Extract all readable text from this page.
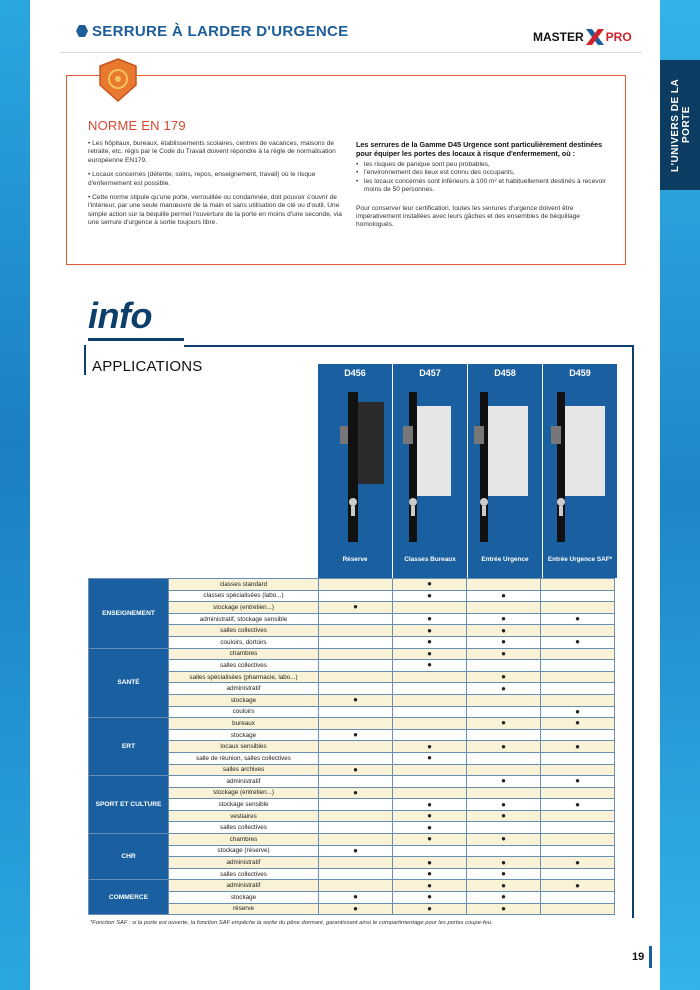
L'UNIVERS DE LA PORTE
SERRURE À LARDER D'URGENCE	MASTER PRO
NORME EN 179

• Les hôpitaux, bureaux, établissements scolaires, centres de vacances, maisons de retraite, etc. régis par le Code du Travail doivent répondre à la règle de normalisation européenne EN179.

• Locaux concernés (détente, soins, repos, enseignement, travail) où le risque d'enfermement est possible.

• Cette norme stipule qu'une porte, verrouillée ou condamnée, doit pouvoir s'ouvrir de l'intérieur, par une seule manœuvre de la main et sans utilisation de clé ou d'outil. Une simple action sur la béquille permet l'ouverture de la porte en moins d'une seconde, via une serrure d'urgence à sortie toujours libre.

Les serrures de la Gamme D45 Urgence sont particulièrement destinées pour équiper les portes des locaux à risque d'enfermement, où :
• les risques de panique sont peu probables,
• l'environnement des lieux est connu des occupants,
• les locaux concernés sont inférieurs à 100 m² et habituellement destinés à recevoir moins de 50 personnes.

Pour conserver leur certification, toutes les serrures d'urgence doivent être impérativement installées avec leurs gâches et des ensembles de béquillage homologués.

info
APPLICATIONS	D456
Réserve
D457
Classes Bureaux
D458
Entrée Urgence
D459
Entrée Urgence SAF*
ENSEIGNEMENT	classes standard		●		
	classes spécialisées (labo...)		●	●	
	stockage (entretien...)	●			
	administratif, stockage sensible		●	●	●
	salles collectives		●	●	
	couloirs, dortoirs		●	●	●
SANTÉ	chambres		●	●	
	salles collectives		●		
	salles spécialisées (pharmacie, labo...)			●	
	administratif			●	
	stockage	●			
	couloirs				●
ERT	bureaux			●	●
	stockage	●			
	locaux sensibles		●	●	●
	salle de réunion, salles collectives		●		
	salles archives	●			
SPORT ET CULTURE	administratif			●	●
	stockage (entretien...)	●			
	stockage sensible		●	●	●
	vestiaires		●	●	
	salles collectives		●		
CHR	chambres		●	●	
	stockage (réserve)	●			
	administratif		●	●	●
	salles collectives		●	●	
COMMERCE	administratif		●	●	●
	stockage	●	●	●	
	réserve	●	●	●	
*Fonction SAF : si la porte est ouverte, la fonction SAF empêche la sortie du pêne dormant, garantissant ainsi le compartimentage pour les portes coupe-feu.
19
